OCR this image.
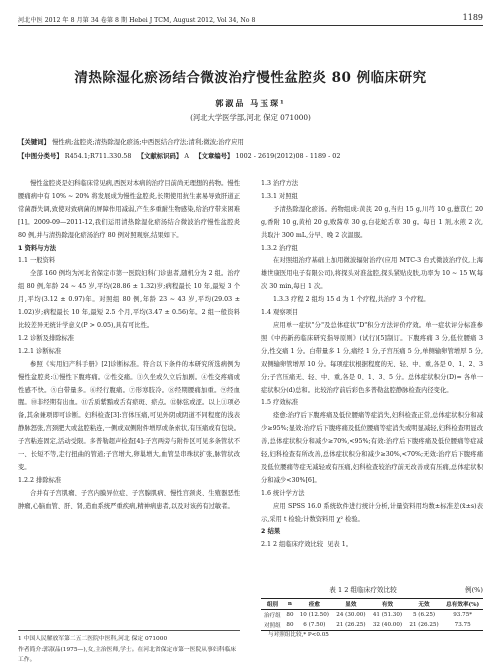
河北中医 2012 年 8 月第 34 卷第 8 期 Hebei J TCM, August 2012, Vol 34, No 8	1189
清热除湿化瘀汤结合微波治疗慢性盆腔炎 80 例临床研究
郭淑品 马玉琛¹
(河北大学医学部,河北 保定 071000)
【关键词】 慢性病;盆腔炎;清热除湿化瘀汤;中西医结合疗法;清利;微波;治疗应用
【中图分类号】 R454.1;R711.330.58 【文献标识码】 A 【文章编号】 1002 - 2619(2012)08 - 1189 - 02

慢性盆腔炎是妇科临床常见病,西医对本病的治疗目前尚无理想的药物。慢性腰痛病中有 10% ~ 20% 将发展成为慢性盆腔炎,长期使用抗生素易导致肝道正常菌群失调,致使对致病菌的屏障作用减弱,产生多重耐生物感染,给治疗带来困难[1]。2009-09—2011-12,我们运用清热除湿化瘀汤结合微波治疗慢性盆腔炎 80 例,并与清热除湿化瘀汤治疗 80 例对照观察,结果如下。

1 资料与方法
1.1 一般资料

全部 160 例均为河北省保定市第一医院妇科门诊患者,随机分为 2 组。治疗组 80 例,年龄 24 ~ 45 岁,平均(28.86 ± 1.32)岁;病程最长 10 年,最短 3 个月,平均(3.12 ± 0.97)年。对照组 80 例,年龄 23 ~ 43 岁,平均(29.03 ± 1.02)岁;病程最长 10 年,最短 2.5 个月,平均(3.47 ± 0.56)年。2 组一般资料比较差异无统计学意义(P > 0.05),具有可比性。

1.2 诊断及排除标准
1.2.1 诊断标准

参照《实用妇产科手册》[2]诊断标准。符合以下条件的本研究所选病例为慢性盆腔炎:①慢性下腹疼痛。②性交痛。③久坐或久立后加剧。④性交疼痛或性感不快。⑤白带量多。⑥经行腹痛。⑦形寒肢冷。⑧经期腰痛加重。⑨经血腥。⑩非经期有出血。⑪舌质紫黯或舌有瘀斑、瘀点。⑫脉弦或涩。以上①项必备,其余兼项即可诊断。妇科检查[3]:宫体压痛,可见外阴或阴道不同程度的浅表静脉怒张,宫颈肥大或盆腔粘连,一侧或双侧附件增厚或条索状,有压痛或有包块。子宫粘连固定,活动受限。多普勒超声检查[4]:子宫两旁与附件区可见多条管状不一、长短不等,走行扭曲的管道;子宫增大,卵巢增大,血管呈串珠状扩张,脉管状改变。

1.2.2 排除标准

合并有子宫肌瘤、子宫内膜异位症、子宫腺肌病、慢性宫颈炎、生殖器恶性肿瘤,心脑血管、肝、肾,造血系统严重疾病,精神病患者,以及对该药有过敏者。

1 中国人民解放军第二五二医院中医科,河北 保定 071000
作者简介:郭淑品(1975—),女,主治医师,学士。在河北省保定市第一医院从事妇科临床工作。
1.3 治疗方法
1.3.1 对照组

予清热除湿化瘀汤。药物组成:黄芪 20 g,当归 15 g,川芎 10 g,薏苡仁 20 g,香附 10 g,黄柏 20 g,败酱草 30 g,白花蛇舌草 30 g。每日 1 剂,水煎 2 次,共取汁 300 mL,分早、晚 2 次温服。

1.3.2 治疗组

在对照组治疗基础上加用微波辐射治疗(应用 MTC-3 台式微波治疗仪,上海雄世康医用电子有限公司),将探头对准盆腔,探头紧贴皮肤,功率为 10 ~ 15 W,每次 30 min,每日 1 次。

1.3.3 疗程 2 组均 15 d 为 1 个疗程,共治疗 3 个疗程。

1.4 观察项目

应用单一症状"分"及总体症状"D"积分方法评价疗效。单一症状评分标准参照《中药新药临床研究指导原则》(试行)[5]制订。下腹疼痛 3 分,低位腰痛 3 分,性交痛 1 分。白带量多 1 分,痛经 1 分,子宫压痛 5 分,单侧输卵管增厚 5 分,双侧输卵管增厚 10 分。每项症状根据程度的无、轻、中、重,各是 0、1、2、3 分;子宫压痛无、轻、中、重,各是 0、1、3、5 分。总体症状积分(D)= 各单一症状积分(d)总和。比较治疗前后彩色多普勒盆腔静脉检查内径变化。

1.5 疗效标准

痊愈:治疗后下腹疼痛及低位腰痛等症消失,妇科检查正常,总体症状积分和减少≥95%;显效:治疗后下腹疼痛及低位腰痛等症消失或明显减轻,妇科检查明显改善,总体症状积分和减少≥70%,<95%;有效:治疗后下腹疼痛及低位腰痛等症减轻,妇科检查有所改善,总体症状积分和减少≥30%,<70%;无效:治疗后下腹疼痛及低位腰痛等症无减轻或有压痛,妇科检查较治疗前无改善或有压痛,总体症状积分和减少<30%[6]。

1.6 统计学方法

应用 SPSS 16.0 系统软件进行统计分析,计量资料用均数±标准差(x̄±s)表示,采用 t 检验;计数资料用 χ² 检验。

2 结果
2.1 2 组临床疗效比较 见表 1。
表 1 2 组临床疗效比较	例(%)
组别	n	痊愈	显效	有效	无效	总有效率(%)
治疗组	80	10 (12.50)	24 (30.00)	41 (51.30)	5 (6.25)	93.75*
对照组	80	6 (7.50)	21 (26.25)	32 (40.00)	21 (26.25)	73.75
与对照组比较,* P<0.05
